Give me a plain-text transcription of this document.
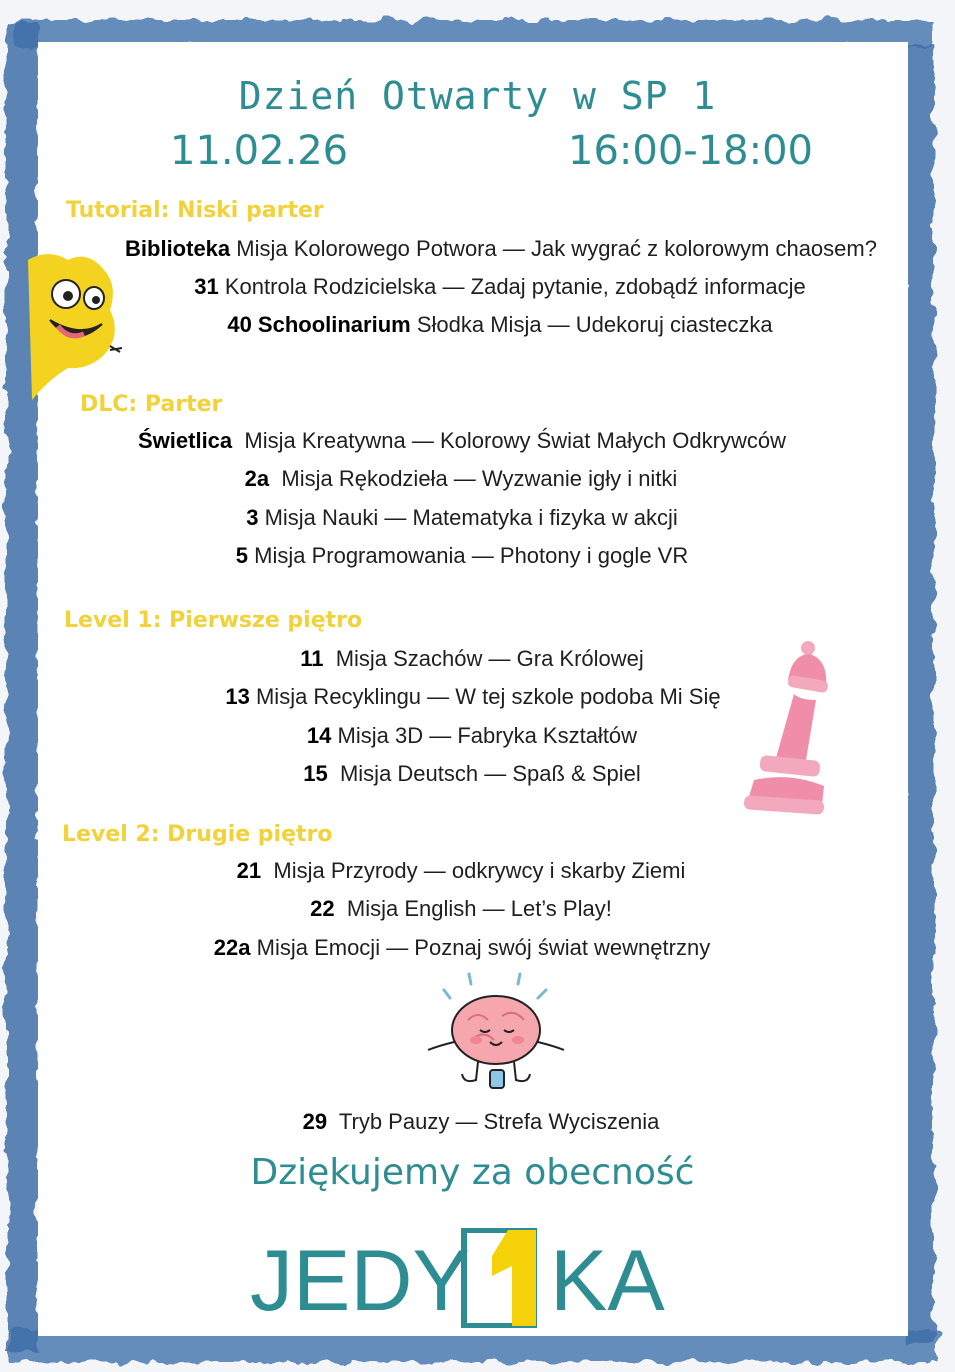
Dzień Otwarty w SP 1
11.02.26	16:00-18:00
Tutorial: Niski parter
Biblioteka Misja Kolorowego Potwora — Jak wygrać z kolorowym chaosem?
31 Kontrola Rodzicielska — Zadaj pytanie, zdobądź informacje
40 Schoolinarium Słodka Misja — Udekoruj ciasteczka
DLC: Parter
Świetlica Misja Kreatywna — Kolorowy Świat Małych Odkrywców
2a Misja Rękodzieła — Wyzwanie igły i nitki
3 Misja Nauki — Matematyka i fizyka w akcji
5 Misja Programowania — Photony i gogle VR
Level 1: Pierwsze piętro
11 Misja Szachów — Gra Królowej
13 Misja Recyklingu — W tej szkole podoba Mi Się
14 Misja 3D — Fabryka Kształtów
15 Misja Deutsch — Spaß & Spiel
Level 2: Drugie piętro
21 Misja Przyrody — odkrywcy i skarby Ziemi
22 Misja English — Let’s Play!
22a Misja Emocji — Poznaj swój świat wewnętrzny
29 Tryb Pauzy — Strefa Wyciszenia
Dziękujemy za obecność
JEDY KA
